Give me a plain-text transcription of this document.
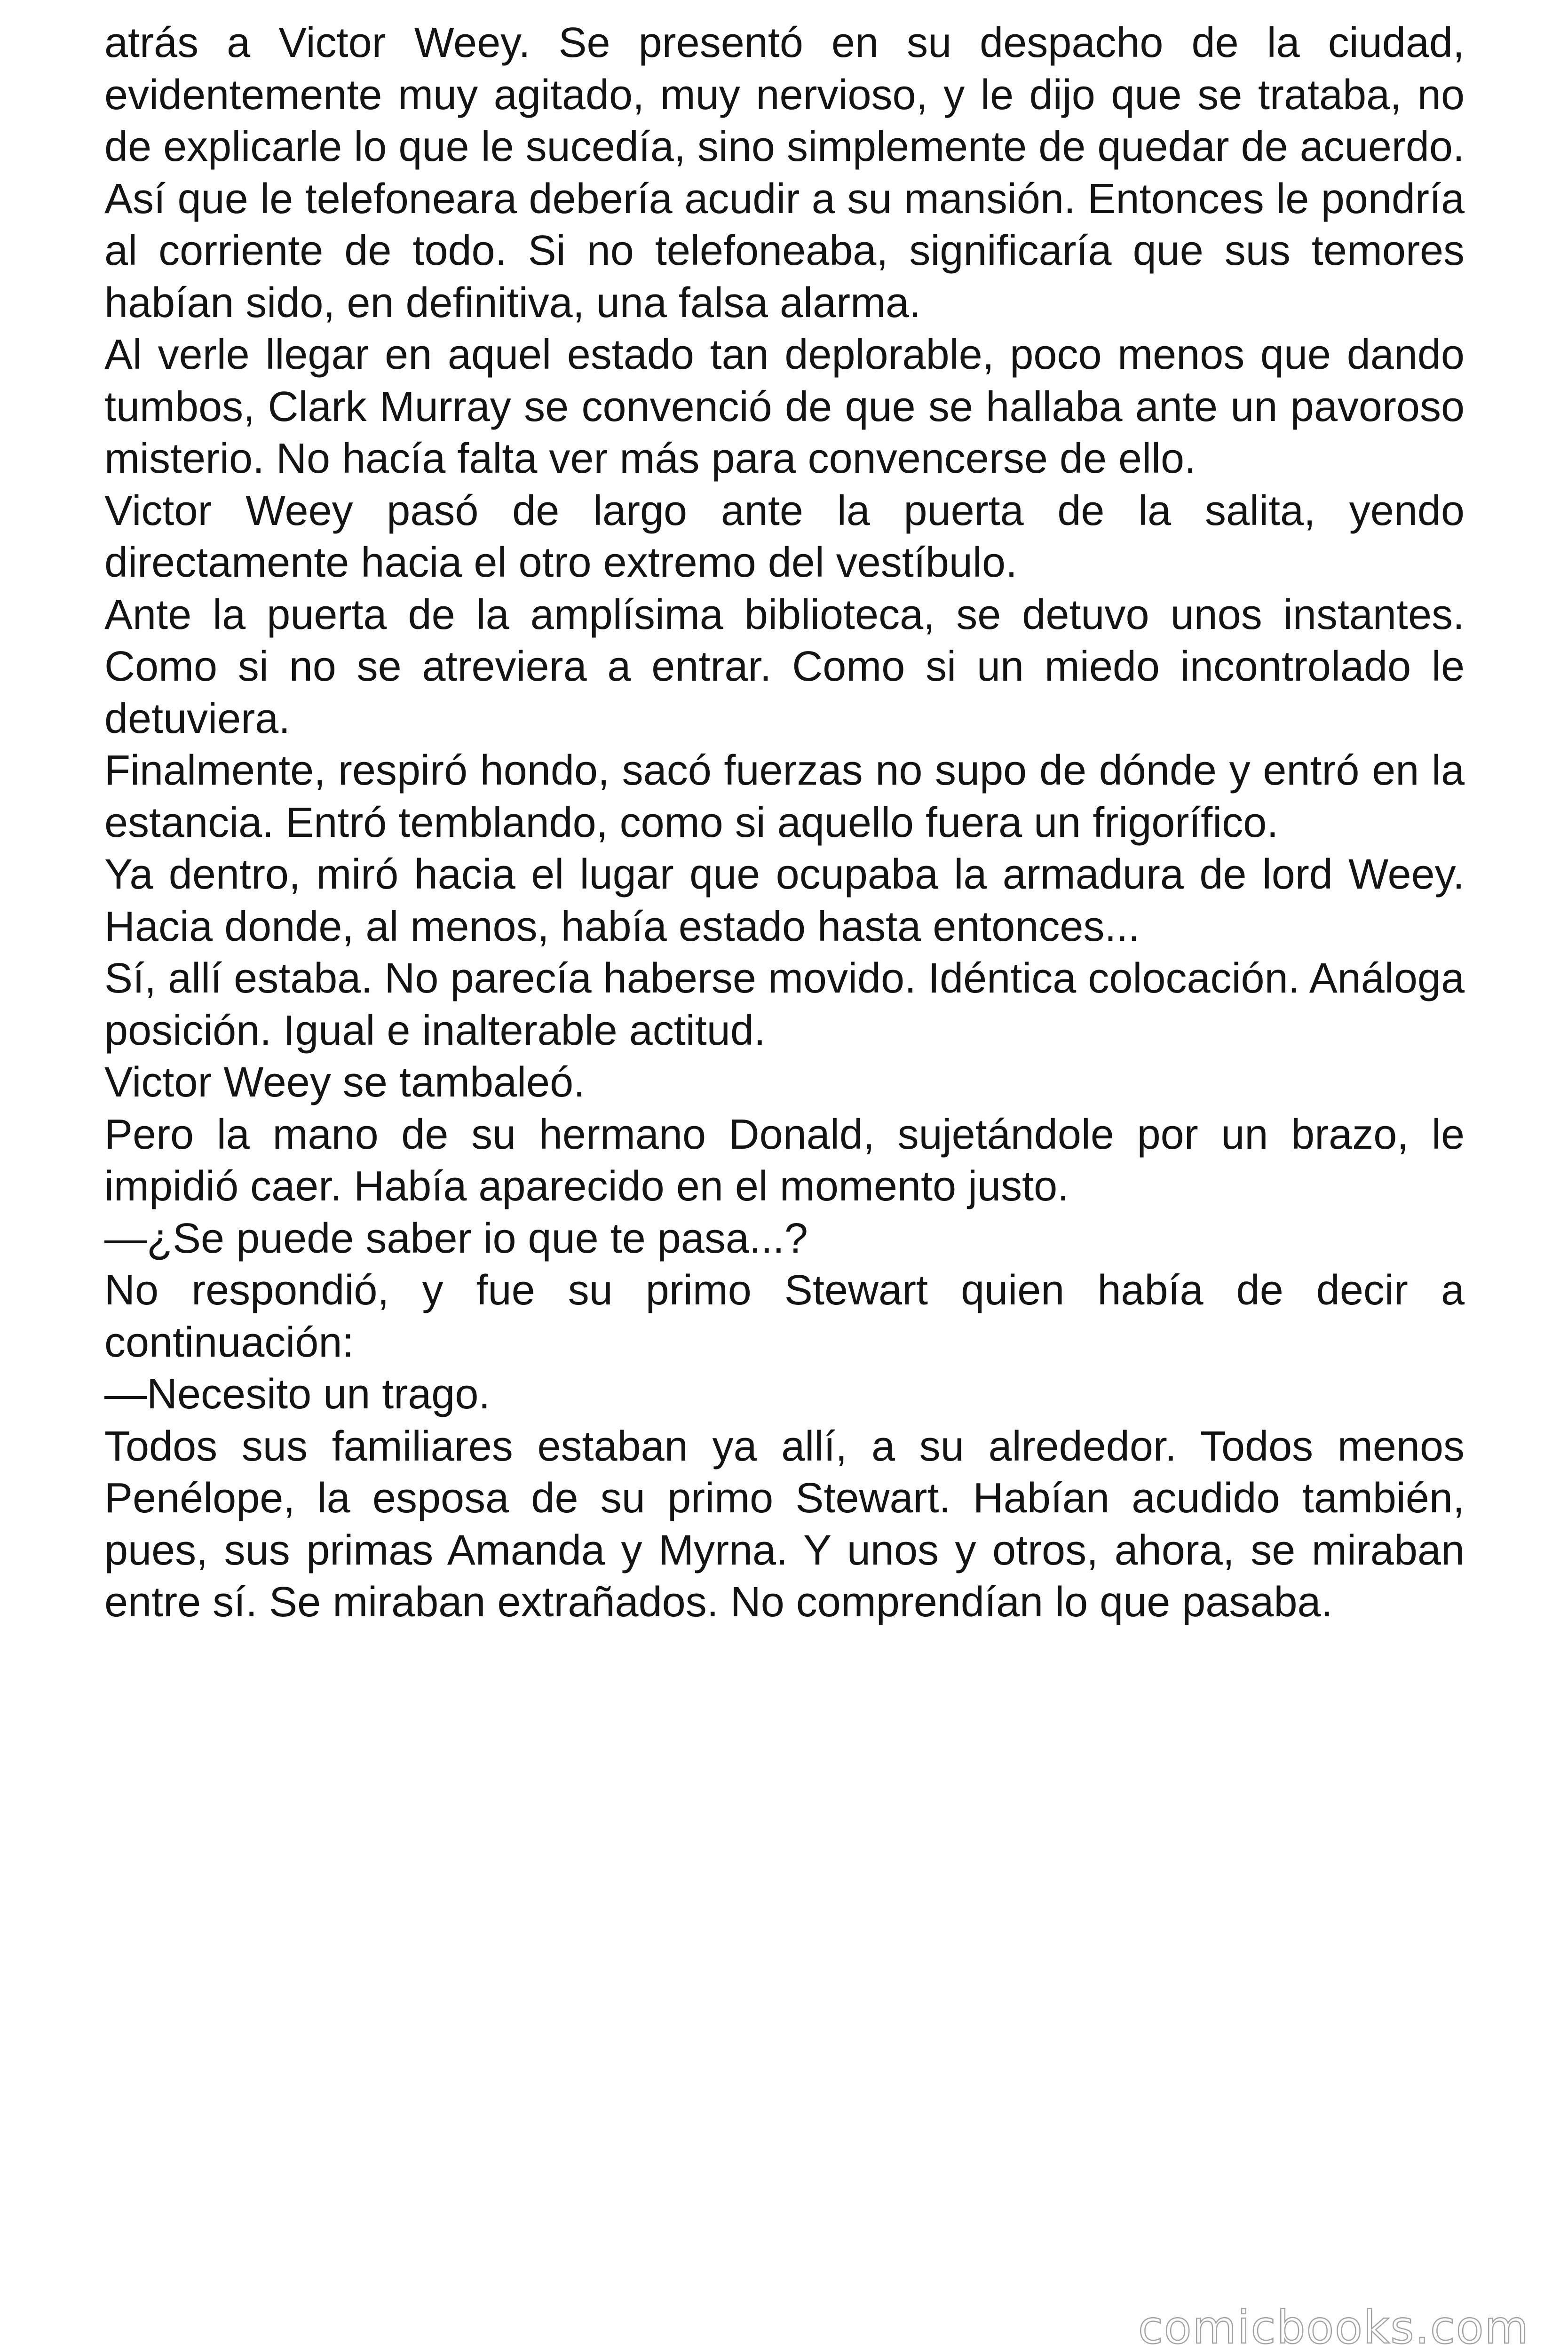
atrás a Victor Weey. Se presentó en su despacho de la ciudad, evidentemente muy agitado, muy nervioso, y le dijo que se trataba, no de explicarle lo que le sucedía, sino simplemente de quedar de acuerdo. Así que le telefoneara debería acudir a su mansión. Entonces le pondría al corriente de todo. Si no telefoneaba, significaría que sus temores habían sido, en definitiva, una falsa alarma.

Al verle llegar en aquel estado tan deplorable, poco menos que dando tumbos, Clark Murray se convenció de que se hallaba ante un pavoroso misterio. No hacía falta ver más para convencerse de ello.

Victor Weey pasó de largo ante la puerta de la salita, yendo directamente hacia el otro extremo del vestíbulo.

Ante la puerta de la amplísima biblioteca, se detuvo unos instantes. Como si no se atreviera a entrar. Como si un miedo incontrolado le detuviera.

Finalmente, respiró hondo, sacó fuerzas no supo de dónde y entró en la estancia. Entró temblando, como si aquello fuera un frigorífico.

Ya dentro, miró hacia el lugar que ocupaba la armadura de lord Weey. Hacia donde, al menos, había estado hasta entonces...

Sí, allí estaba. No parecía haberse movido. Idéntica colocación. Análoga posición. Igual e inalterable actitud.

Victor Weey se tambaleó.

Pero la mano de su hermano Donald, sujetándole por un brazo, le impidió caer. Había aparecido en el momento justo.

—¿Se puede saber io que te pasa...?

No respondió, y fue su primo Stewart quien había de decir a continuación:

—Necesito un trago.

Todos sus familiares estaban ya allí, a su alrededor. Todos menos Penélope, la esposa de su primo Stewart. Habían acudido también, pues, sus primas Amanda y Myrna. Y unos y otros, ahora, se miraban entre sí. Se miraban extrañados. No comprendían lo que pasaba.

comicbooks.com
